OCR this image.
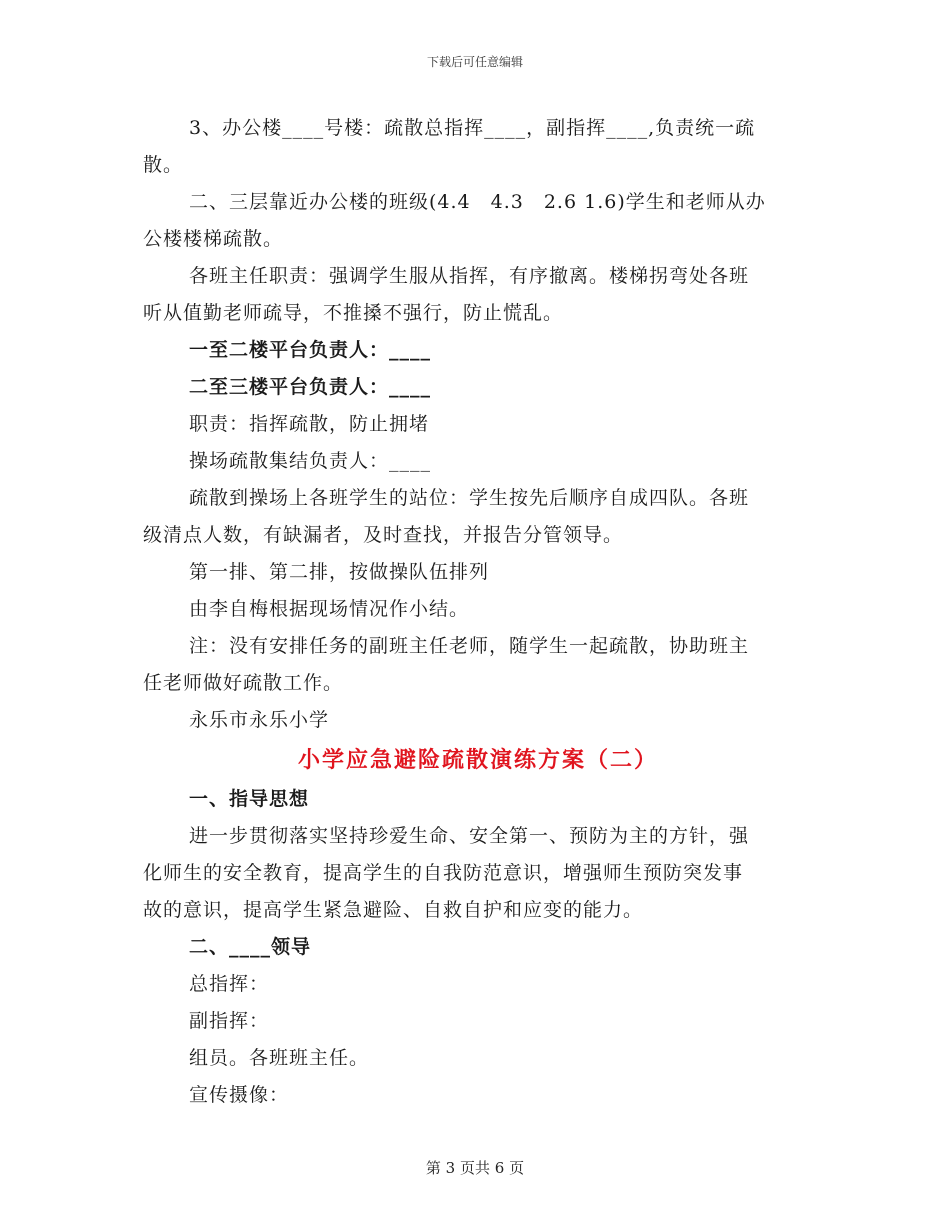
下载后可任意编辑
3、办公楼____号楼：疏散总指挥____，副指挥____,负责统一疏
散。
二、三层靠近办公楼的班级(4.4　4.3　2.6 1.6)学生和老师从办
公楼楼梯疏散。
各班主任职责：强调学生服从指挥，有序撤离。楼梯拐弯处各班
听从值勤老师疏导，不推搡不强行，防止慌乱。
一至二楼平台负责人：____
二至三楼平台负责人：____
职责：指挥疏散，防止拥堵
操场疏散集结负责人：____
疏散到操场上各班学生的站位：学生按先后顺序自成四队。各班
级清点人数，有缺漏者，及时查找，并报告分管领导。
第一排、第二排，按做操队伍排列
由李自梅根据现场情况作小结。
注：没有安排任务的副班主任老师，随学生一起疏散，协助班主
任老师做好疏散工作。
永乐市永乐小学
小学应急避险疏散演练方案（二）
一、指导思想
进一步贯彻落实坚持珍爱生命、安全第一、预防为主的方针，强
化师生的安全教育，提高学生的自我防范意识，增强师生预防突发事
故的意识，提高学生紧急避险、自救自护和应变的能力。
二、____领导
总指挥：
副指挥：
组员。各班班主任。
宣传摄像：
第 3 页共 6 页
